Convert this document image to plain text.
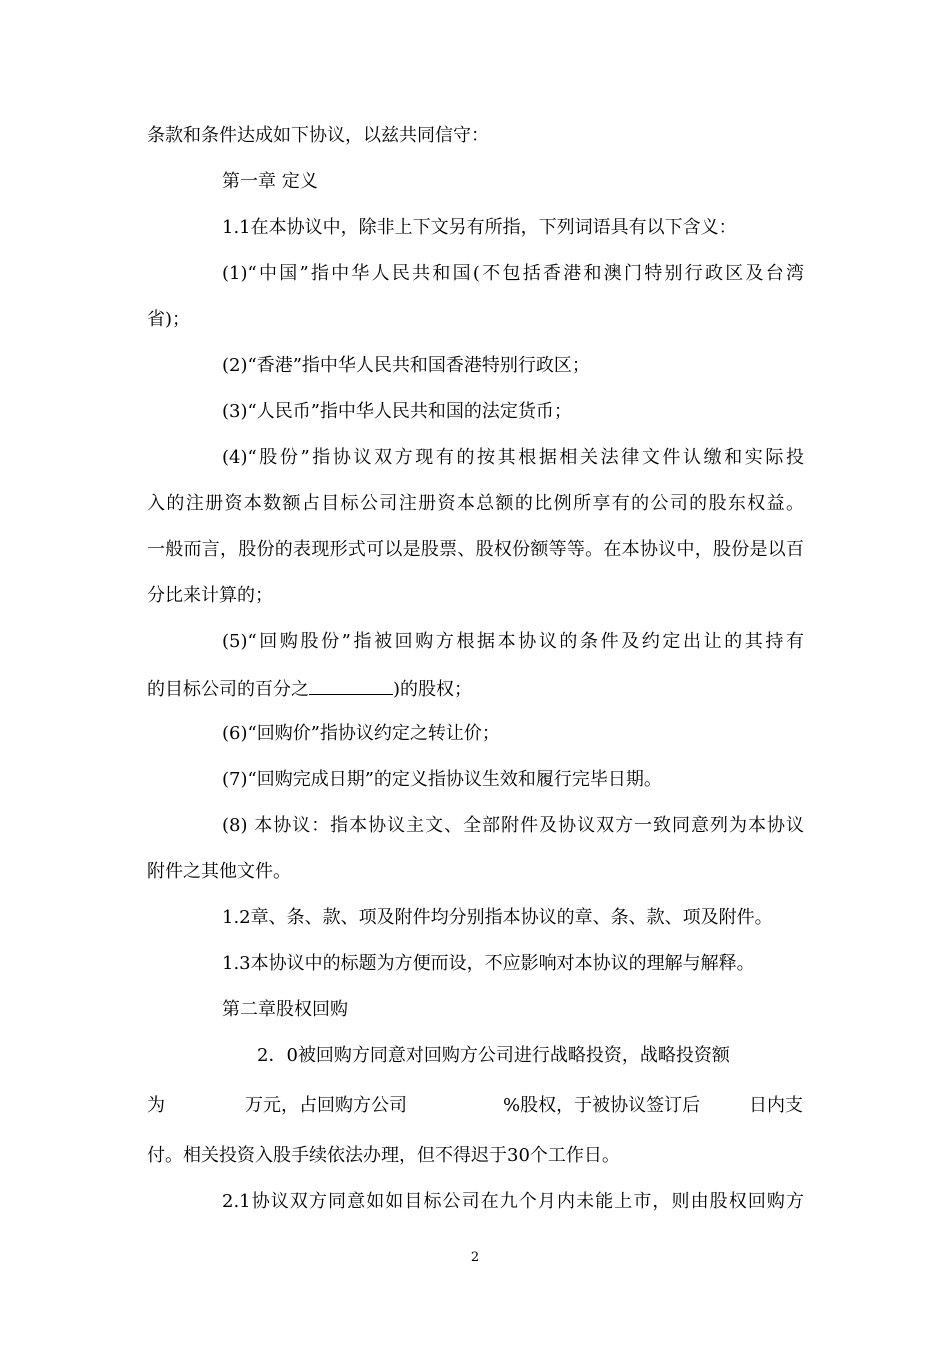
条款和条件达成如下协议，以兹共同信守：
第一章 定义
1.1在本协议中，除非上下文另有所指，下列词语具有以下含义：
(1)“中国”指中华人民共和国(不包括香港和澳门特别行政区及台湾
省)；
(2)“香港”指中华人民共和国香港特别行政区；
(3)“人民币”指中华人民共和国的法定货币；
(4)“股份”指协议双方现有的按其根据相关法律文件认缴和实际投
入的注册资本数额占目标公司注册资本总额的比例所享有的公司的股东权益。
一般而言，股份的表现形式可以是股票、股权份额等等。在本协议中，股份是以百
分比来计算的；
(5)“回购股份”指被回购方根据本协议的条件及约定出让的其持有
的目标公司的百分之	)的股权；
(6)“回购价”指协议约定之转让价；
(7)“回购完成日期”的定义指协议生效和履行完毕日期。
(8) 本协议：指本协议主文、全部附件及协议双方一致同意列为本协议
附件之其他文件。
1.2章、条、款、项及附件均分别指本协议的章、条、款、项及附件。
1.3本协议中的标题为方便而设，不应影响对本协议的理解与解释。
第二章股权回购
2．0被回购方同意对回购方公司进行战略投资，战略投资额
为	万元，占回购方公司	%股权，于被协议签订后	日内支
付。相关投资入股手续依法办理，但不得迟于30个工作日。
2.1协议双方同意如如目标公司在九个月内未能上市，则由股权回购方
2
